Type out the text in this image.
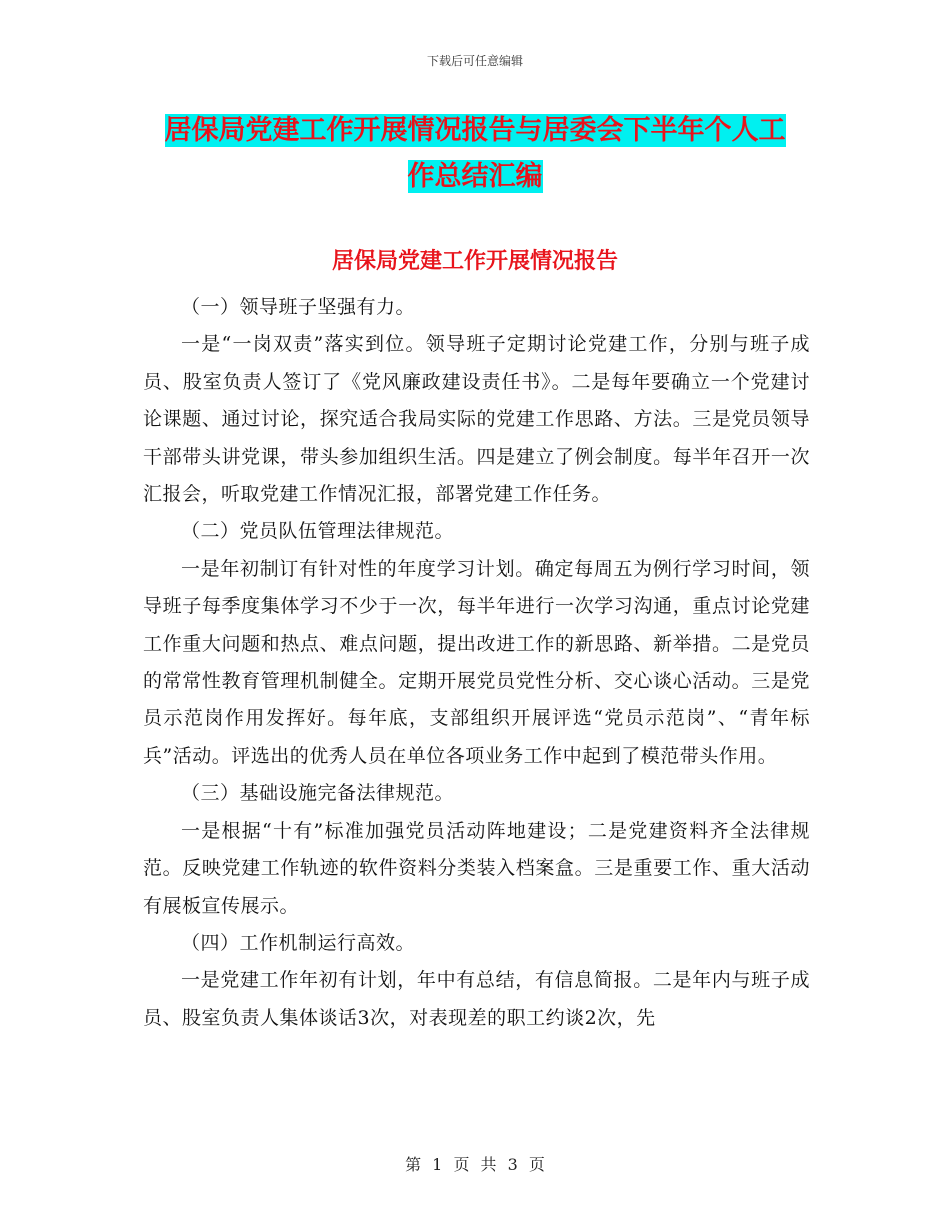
下载后可任意编辑
居保局党建工作开展情况报告与居委会下半年个人工
作总结汇编
居保局党建工作开展情况报告

（一）领导班子坚强有力。

一是“一岗双责”落实到位。领导班子定期讨论党建工作，分别与班子成员、股室负责人签订了《党风廉政建设责任书》。二是每年要确立一个党建讨论课题、通过讨论，探究适合我局实际的党建工作思路、方法。三是党员领导干部带头讲党课，带头参加组织生活。四是建立了例会制度。每半年召开一次汇报会，听取党建工作情况汇报，部署党建工作任务。

（二）党员队伍管理法律规范。

一是年初制订有针对性的年度学习计划。确定每周五为例行学习时间，领导班子每季度集体学习不少于一次，每半年进行一次学习沟通，重点讨论党建工作重大问题和热点、难点问题，提出改进工作的新思路、新举措。二是党员的常常性教育管理机制健全。定期开展党员党性分析、交心谈心活动。三是党员示范岗作用发挥好。每年底，支部组织开展评选“党员示范岗”、“青年标兵”活动。评选出的优秀人员在单位各项业务工作中起到了模范带头作用。

（三）基础设施完备法律规范。

一是根据“十有”标准加强党员活动阵地建设；二是党建资料齐全法律规范。反映党建工作轨迹的软件资料分类装入档案盒。三是重要工作、重大活动有展板宣传展示。

（四）工作机制运行高效。

一是党建工作年初有计划，年中有总结，有信息简报。二是年内与班子成员、股室负责人集体谈话3次，对表现差的职工约谈2次，先

第 1 页 共 3 页
